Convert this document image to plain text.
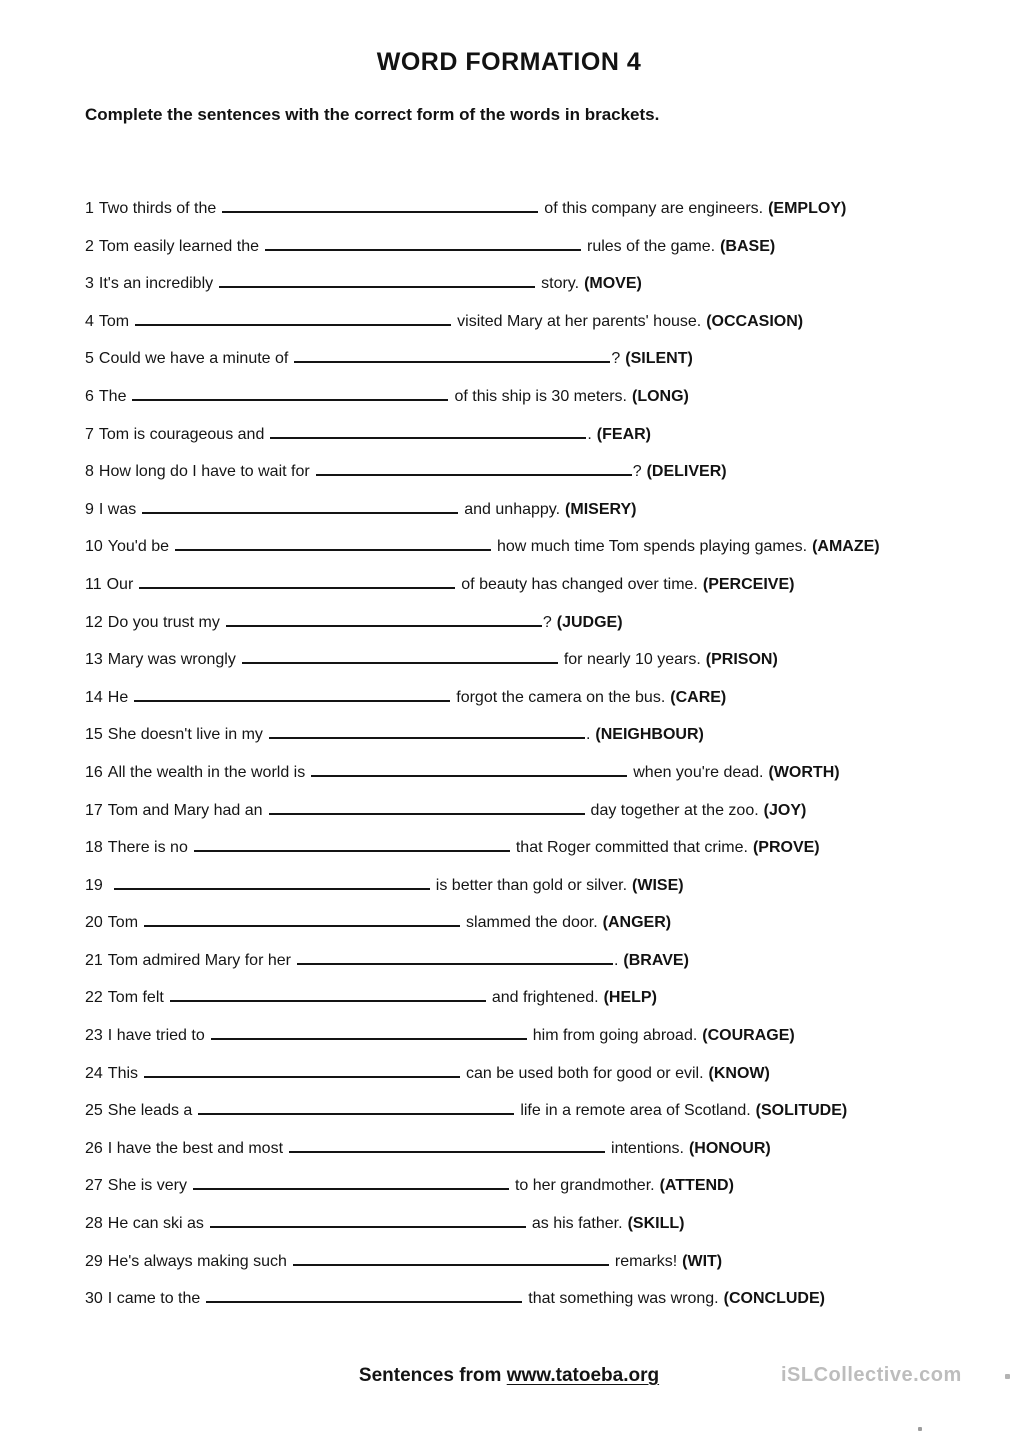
WORD FORMATION 4
Complete the sentences with the correct form of the words in brackets.
1 Two thirds of the	of this company are engineers. (EMPLOY)
2 Tom easily learned the	rules of the game. (BASE)
3 It's an incredibly	story. (MOVE)
4 Tom	visited Mary at her parents' house. (OCCASION)
5 Could we have a minute of	? (SILENT)
6 The	of this ship is 30 meters. (LONG)
7 Tom is courageous and	. (FEAR)
8 How long do I have to wait for	? (DELIVER)
9 I was	and unhappy. (MISERY)
10 You'd be	how much time Tom spends playing games. (AMAZE)
11 Our	of beauty has changed over time. (PERCEIVE)
12 Do you trust my	? (JUDGE)
13 Mary was wrongly	for nearly 10 years. (PRISON)
14 He	forgot the camera on the bus. (CARE)
15 She doesn't live in my	. (NEIGHBOUR)
16 All the wealth in the world is	when you're dead. (WORTH)
17 Tom and Mary had an	day together at the zoo. (JOY)
18 There is no	that Roger committed that crime. (PROVE)
19	is better than gold or silver. (WISE)
20 Tom	slammed the door. (ANGER)
21 Tom admired Mary for her	. (BRAVE)
22 Tom felt	and frightened. (HELP)
23 I have tried to	him from going abroad. (COURAGE)
24 This	can be used both for good or evil. (KNOW)
25 She leads a	life in a remote area of Scotland. (SOLITUDE)
26 I have the best and most	intentions. (HONOUR)
27 She is very	to her grandmother. (ATTEND)
28 He can ski as	as his father. (SKILL)
29 He's always making such	remarks! (WIT)
30 I came to the	that something was wrong. (CONCLUDE)
Sentences from www.tatoeba.org	iSLCollective.com
